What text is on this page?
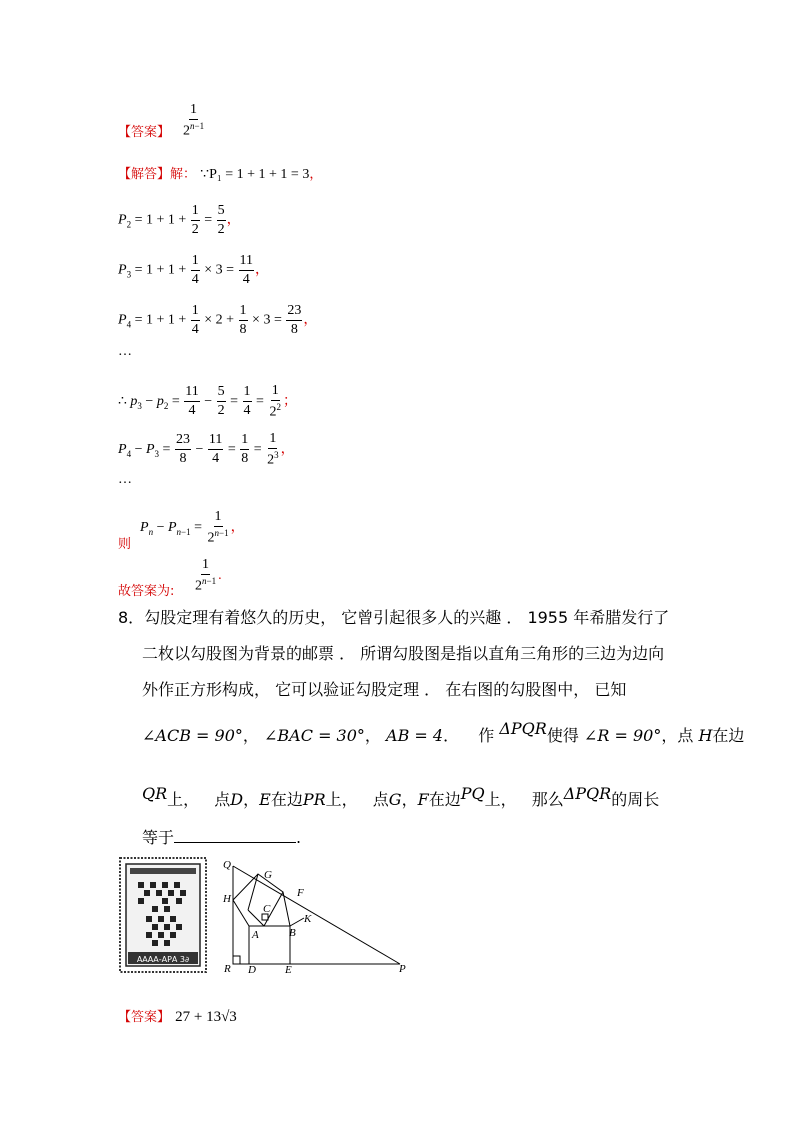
【答案】 $\frac{1}{2^{n-1}}$
【解答】解： ∵P₁ = 1 + 1 + 1 = 3，
$P_2 = 1 + 1 + \frac{1}{2} = \frac{5}{2}$ ，
$P_3 = 1 + 1 + \frac{1}{4} \times 3 = \frac{11}{4}$ ，
$P_4 = 1 + 1 + \frac{1}{4} \times 2 + \frac{1}{8} \times 3 = \frac{23}{8}$ ，
…
∴ $p_3 - p_2 = \frac{11}{4} - \frac{5}{2} = \frac{1}{4} = \frac{1}{2^2}$ ；
$P_4 - P_3 = \frac{23}{8} - \frac{11}{4} = \frac{1}{8} = \frac{1}{2^3}$ ，
…
$P_n - P_{n-1} = \frac{1}{2^{n-1}}$ ，
则
故答案为: $\frac{1}{2^{n-1}}$ .
8．勾股定理有着悠久的历史， 它曾引起很多人的兴趣 ． 1955 年希腊发行了
二枚以勾股图为背景的邮票 ． 所谓勾股图是指以直角三角形的三边为边向
外作正方形构成， 它可以验证勾股定理 ． 在右图的勾股图中， 已知
∠ACB = 90°， ∠BAC = 30°， AB = 4． 作 ΔPQR使得 ∠R = 90°，点 H在边
QR上， 点D，E在边PR上， 点G，F在边PQ上， 那么ΔPQR的周长
等于	.
ΑΑΑΑ-ΑΡΑ 3∂
Q
G
H	F
C
K
A	B
R D	E	P
【答案】 27 + 13√3
